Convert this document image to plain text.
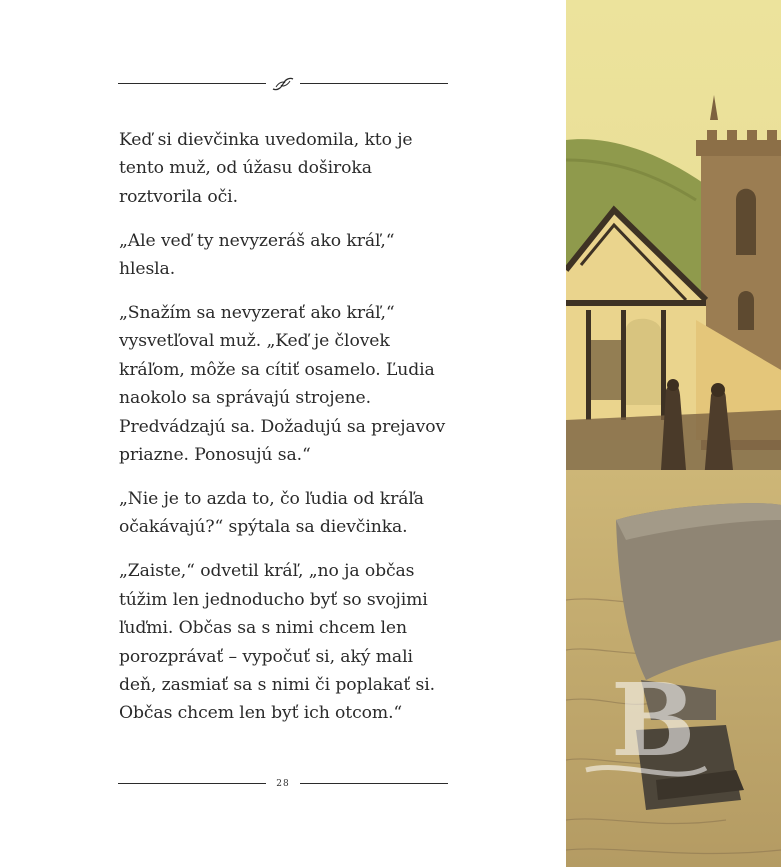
Keď si dievčinka uvedomila, kto je tento muž, od úžasu doširoka roztvorila oči.

„Ale veď ty nevyzeráš ako kráľ,“ hlesla.

„Snažím sa nevyzerať ako kráľ,“ vysvetľoval muž. „Keď je človek kráľom, môže sa cítiť osamelo. Ľudia naokolo sa správajú strojene. Predvádzajú sa. Dožadujú sa prejavov priazne. Ponosujú sa.“

„Nie je to azda to, čo ľudia od kráľa očakávajú?“ spýtala sa dievčinka.

„Zaiste,“ odvetil kráľ, „no ja občas túžim len jednoducho byť so svojimi ľuďmi. Občas sa s nimi chcem len porozprávať – vypočuť si, aký mali deň, zasmiať sa s nimi či poplakať si. Občas chcem len byť ich otcom.“

28
B
